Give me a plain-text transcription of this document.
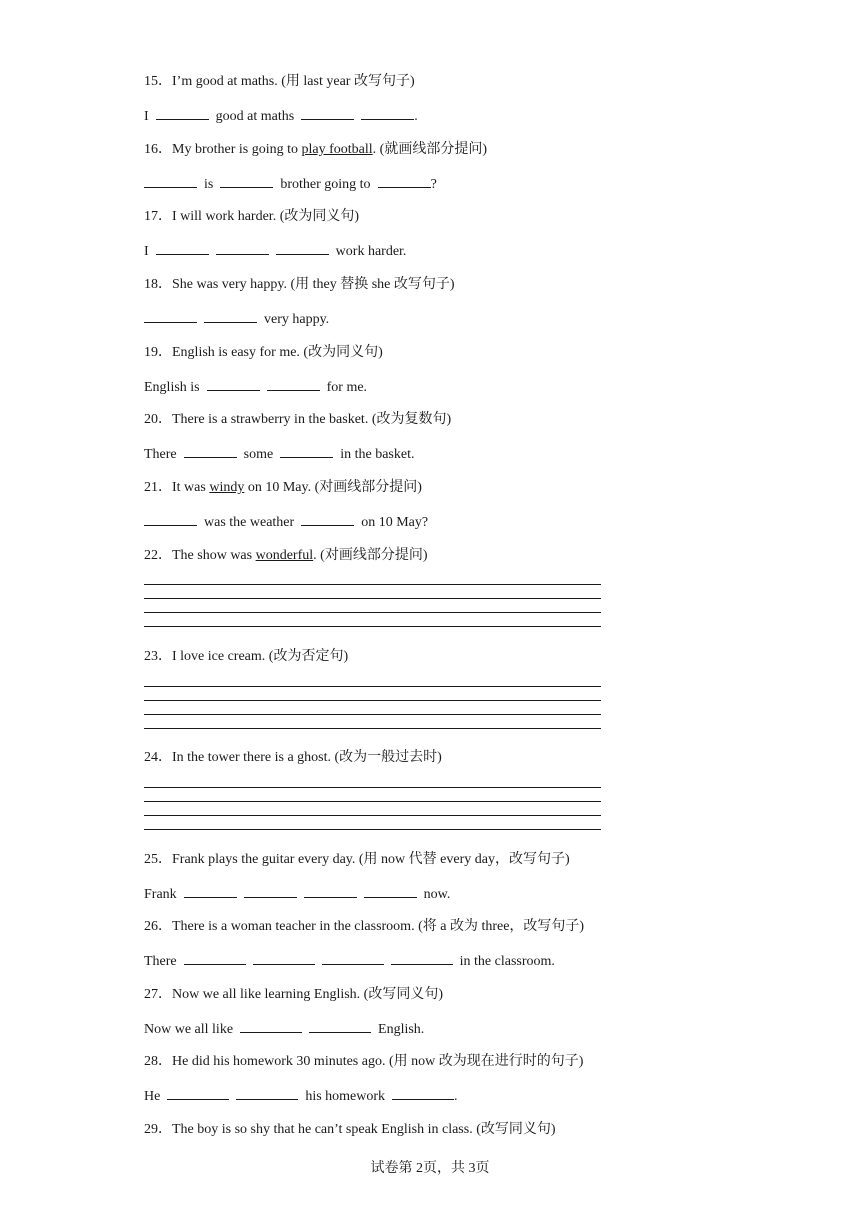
15．I’m good at maths. (用 last year 改写句子)
I	good at maths	.
16．My brother is going to play football. (就画线部分提问)
is	brother going to	?
17．I will work harder. (改为同义句)
I	work harder.
18．She was very happy. (用 they 替换 she 改写句子)
very happy.
19．English is easy for me. (改为同义句)
English is	for me.
20．There is a strawberry in the basket. (改为复数句)
There	some	in the basket.
21．It was windy on 10 May. (对画线部分提问)
was the weather	on 10 May?
22．The show was wonderful. (对画线部分提问)
23．I love ice cream. (改为否定句)
24．In the tower there is a ghost. (改为一般过去时)
25．Frank plays the guitar every day. (用 now 代替 every day，改写句子)
Frank	now.
26．There is a woman teacher in the classroom. (将 a 改为 three，改写句子)
There	in the classroom.
27．Now we all like learning English. (改写同义句)
Now we all like	English.
28．He did his homework 30 minutes ago. (用 now 改为现在进行时的句子)
He	his homework	.
29．The boy is so shy that he can’t speak English in class. (改写同义句)
试卷第 2页，共 3页
